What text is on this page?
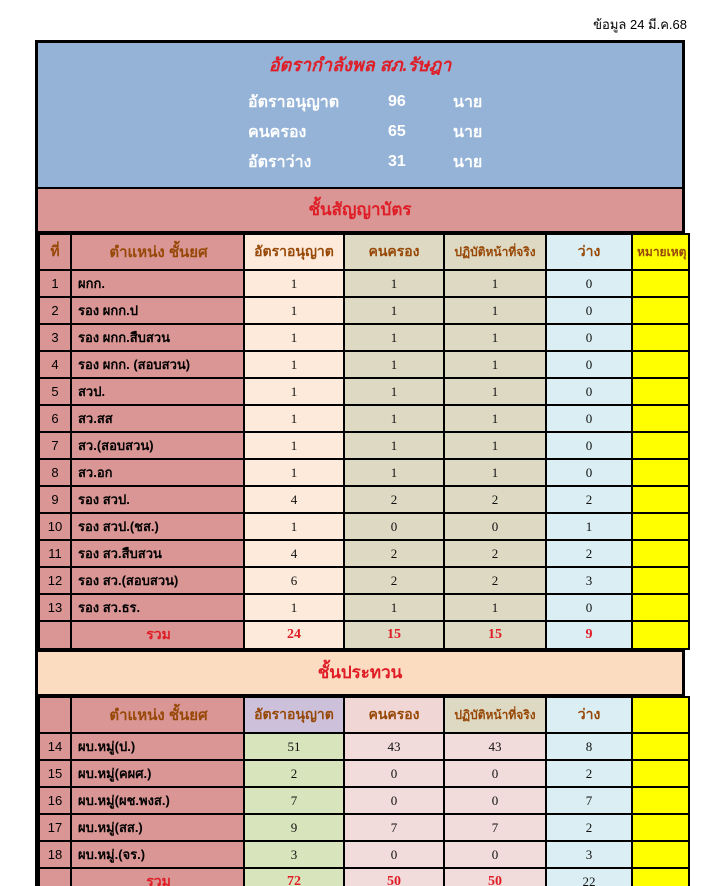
ข้อมูล 24 มี.ค.68
อัตรากำลังพล สภ.รัษฎา
อัตราอนุญาต	96	นาย
คนครอง	65	นาย
อัตราว่าง	31	นาย
ชั้นสัญญาบัตร
ที่	ตำแหน่ง ชั้นยศ	อัตราอนุญาต	คนครอง	ปฏิบัติหน้าที่จริง	ว่าง	หมายเหตุ
1	ผกก.	1	1	1	0	
2	รอง ผกก.ป	1	1	1	0	
3	รอง ผกก.สืบสวน	1	1	1	0	
4	รอง ผกก. (สอบสวน)	1	1	1	0	
5	สวป.	1	1	1	0	
6	สว.สส	1	1	1	0	
7	สว.(สอบสวน)	1	1	1	0	
8	สว.อก	1	1	1	0	
9	รอง สวป.	4	2	2	2	
10	รอง สวป.(ชส.)	1	0	0	1	
11	รอง สว.สืบสวน	4	2	2	2	
12	รอง สว.(สอบสวน)	6	2	2	3	
13	รอง สว.ธร.	1	1	1	0	
	รวม	24	15	15	9	
ชั้นประทวน
	ตำแหน่ง ชั้นยศ	อัตราอนุญาต	คนครอง	ปฏิบัติหน้าที่จริง	ว่าง	
14	ผบ.หมู่(ป.)	51	43	43	8	
15	ผบ.หมู่(คผศ.)	2	0	0	2	
16	ผบ.หมู่(ผช.พงส.)	7	0	0	7	
17	ผบ.หมู่(สส.)	9	7	7	2	
18	ผบ.หมู่.(จร.)	3	0	0	3	
	รวม	72	50	50	22	
